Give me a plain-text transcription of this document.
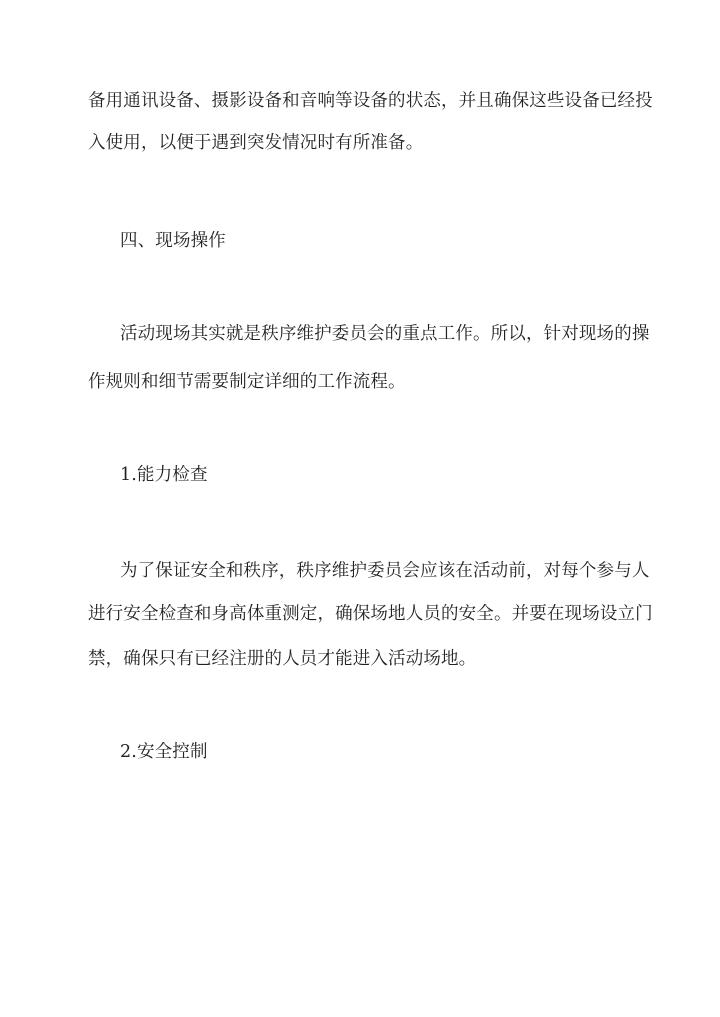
备用通讯设备、摄影设备和音响等设备的状态，并且确保这些设备已经投
入使用，以便于遇到突发情况时有所准备。
四、现场操作
活动现场其实就是秩序维护委员会的重点工作。所以，针对现场的操
作规则和细节需要制定详细的工作流程。
1.能力检查
为了保证安全和秩序，秩序维护委员会应该在活动前，对每个参与人
进行安全检查和身高体重测定，确保场地人员的安全。并要在现场设立门
禁，确保只有已经注册的人员才能进入活动场地。
2.安全控制
